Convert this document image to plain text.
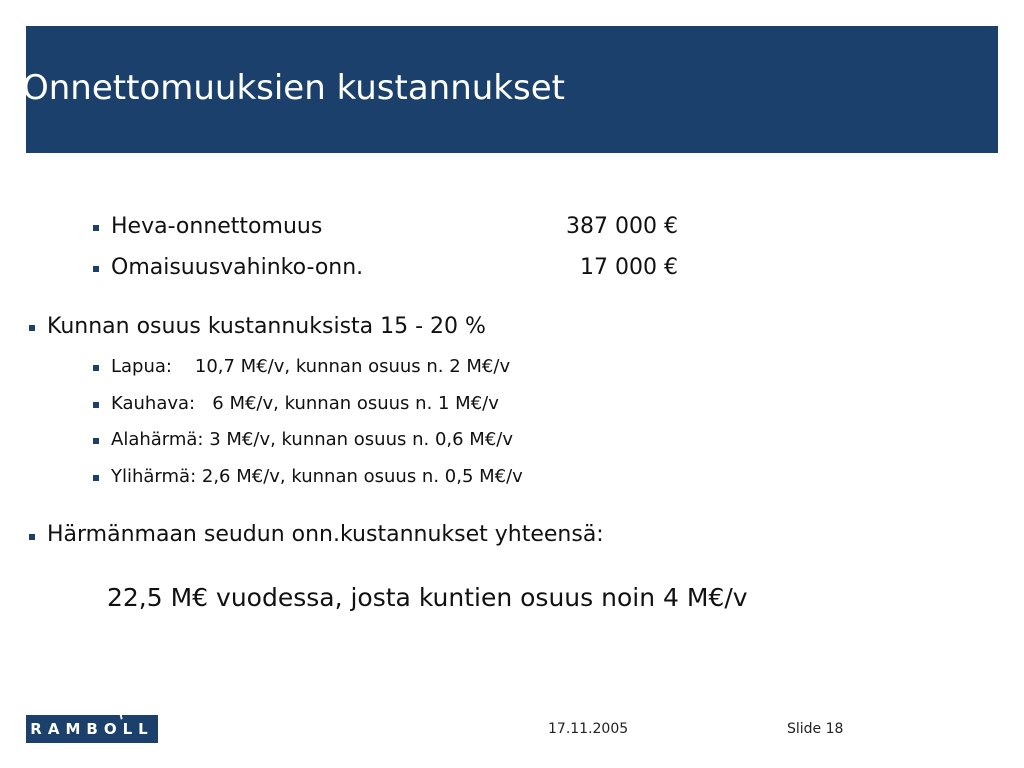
Onnettomuuksien kustannukset
Heva-onnettomuus	387 000 €
Omaisuusvahinko-onn.	17 000 €
Kunnan osuus kustannuksista 15 - 20 %
Lapua:    10,7 M€/v, kunnan osuus n. 2 M€/v
Kauhava:   6 M€/v, kunnan osuus n. 1 M€/v
Alahärmä: 3 M€/v, kunnan osuus n. 0,6 M€/v
Ylihärmä: 2,6 M€/v, kunnan osuus n. 0,5 M€/v
Härmänmaan seudun onn.kustannukset yhteensä:
22,5 M€ vuodessa, josta kuntien osuus noin 4 M€/v
RAMBOLL	17.11.2005	Slide 18
